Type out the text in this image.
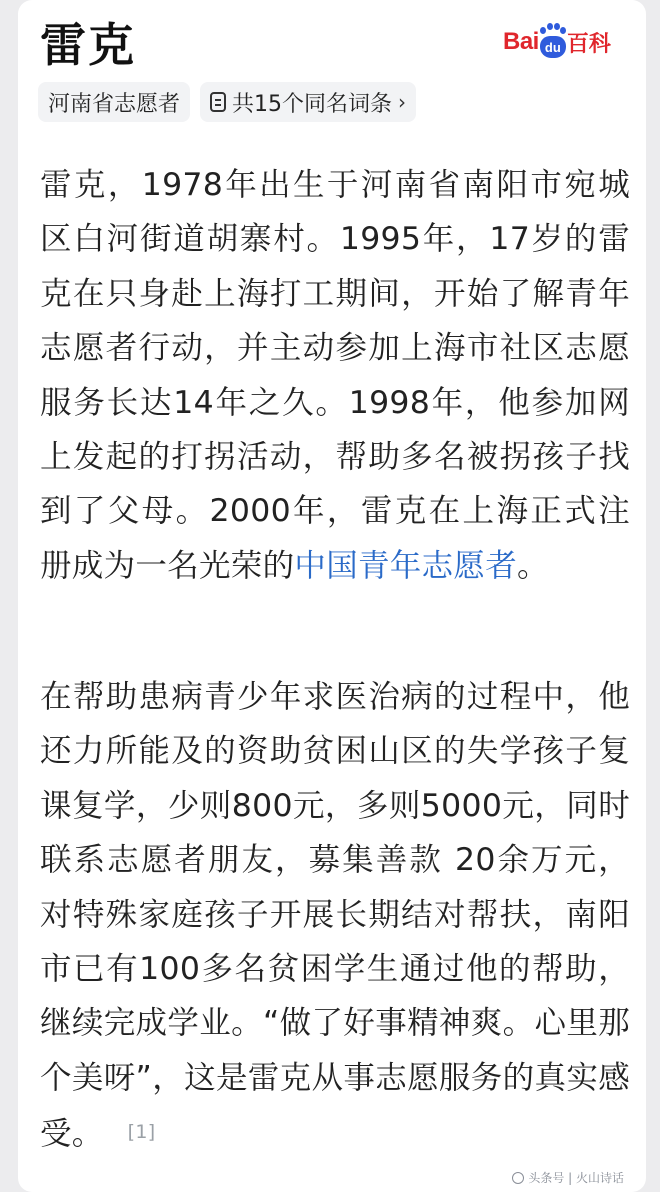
雷克	Bai du 百科
河南省志愿者 共15个同名词条 ›

雷克，1978年出生于河南省南阳市宛城区白河街道胡寨村。1995年，17岁的雷克在只身赴上海打工期间，开始了解青年志愿者行动，并主动参加上海市社区志愿服务长达14年之久。1998年，他参加网上发起的打拐活动，帮助多名被拐孩子找到了父母。2000年，雷克在上海正式注册成为一名光荣的中国青年志愿者。

在帮助患病青少年求医治病的过程中，他还力所能及的资助贫困山区的失学孩子复课复学，少则800元，多则5000元，同时联系志愿者朋友，募集善款 20余万元，对特殊家庭孩子开展长期结对帮扶，南阳市已有100多名贫困学生通过他的帮助，继续完成学业。“做了好事精神爽。心里那个美呀”，这是雷克从事志愿服务的真实感受。 [1]

头条号 | 火山诗话
